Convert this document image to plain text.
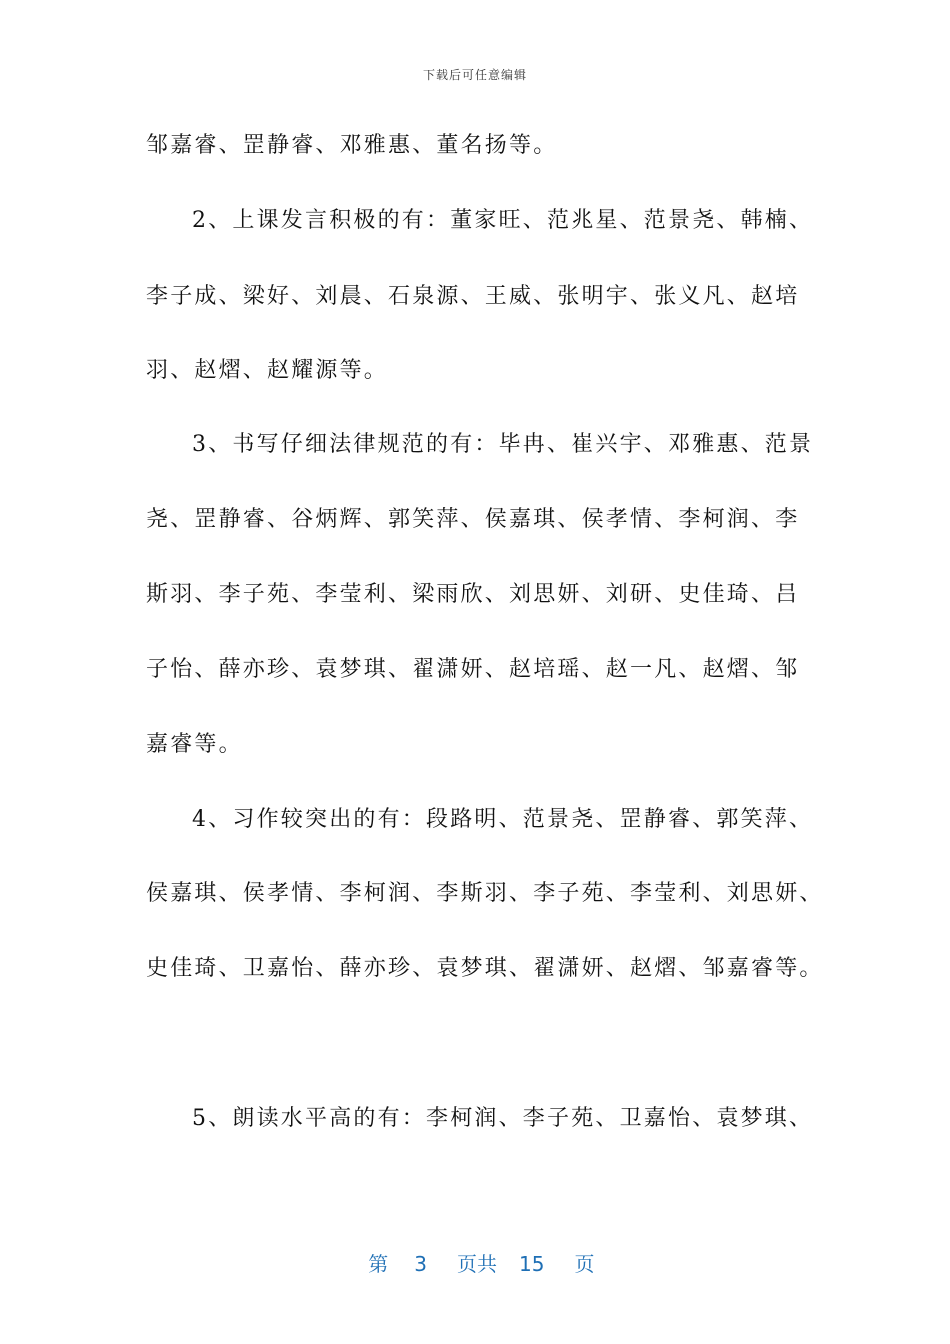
下载后可任意编辑
邹嘉睿、罡静睿、邓雅惠、董名扬等。
2、上课发言积极的有：董家旺、范兆星、范景尧、韩楠、
李子成、梁好、刘晨、石泉源、王威、张明宇、张义凡、赵培
羽、赵熠、赵耀源等。
3、书写仔细法律规范的有：毕冉、崔兴宇、邓雅惠、范景
尧、罡静睿、谷炳辉、郭笑萍、侯嘉琪、侯孝情、李柯润、李
斯羽、李子苑、李莹利、梁雨欣、刘思妍、刘研、史佳琦、吕
子怡、薛亦珍、袁梦琪、翟潇妍、赵培瑶、赵一凡、赵熠、邹
嘉睿等。
4、习作较突出的有：段路明、范景尧、罡静睿、郭笑萍、
侯嘉琪、侯孝情、李柯润、李斯羽、李子苑、李莹利、刘思妍、
史佳琦、卫嘉怡、薛亦珍、袁梦琪、翟潇妍、赵熠、邹嘉睿等。
5、朗读水平高的有：李柯润、李子苑、卫嘉怡、袁梦琪、

第 3 页共 15 页
